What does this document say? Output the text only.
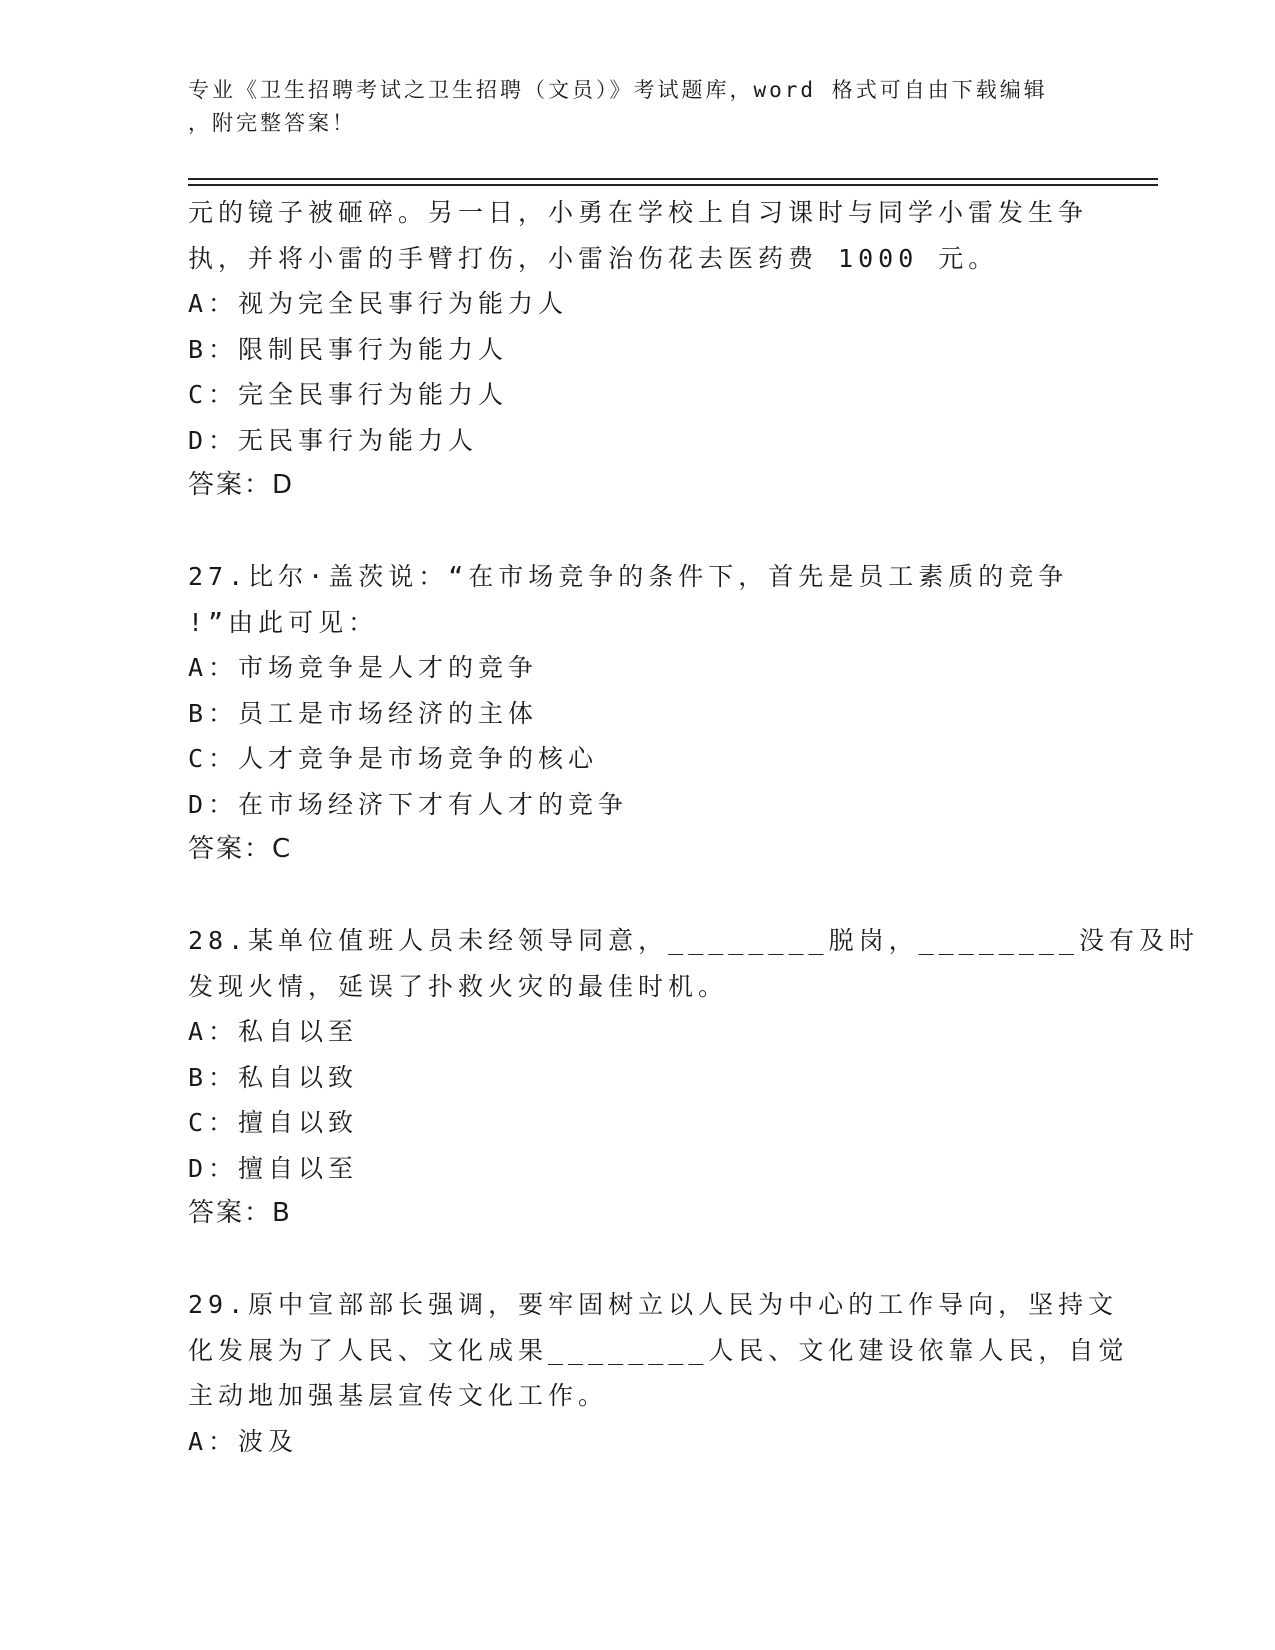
专业《卫生招聘考试之卫生招聘（文员）》考试题库，word 格式可自由下载编辑
，附完整答案！
元的镜子被砸碎。另一日，小勇在学校上自习课时与同学小雷发生争
执，并将小雷的手臂打伤，小雷治伤花去医药费 1000 元。
A：视为完全民事行为能力人
B：限制民事行为能力人
C：完全民事行为能力人
D：无民事行为能力人
答案：D
27.比尔·盖茨说：“在市场竞争的条件下，首先是员工素质的竞争
!”由此可见：
A：市场竞争是人才的竞争
B：员工是市场经济的主体
C：人才竞争是市场竞争的核心
D：在市场经济下才有人才的竞争
答案：C
28.某单位值班人员未经领导同意，________脱岗，________没有及时
发现火情，延误了扑救火灾的最佳时机。
A：私自以至
B：私自以致
C：擅自以致
D：擅自以至
答案：B
29.原中宣部部长强调，要牢固树立以人民为中心的工作导向，坚持文
化发展为了人民、文化成果________人民、文化建设依靠人民，自觉
主动地加强基层宣传文化工作。
A：波及
